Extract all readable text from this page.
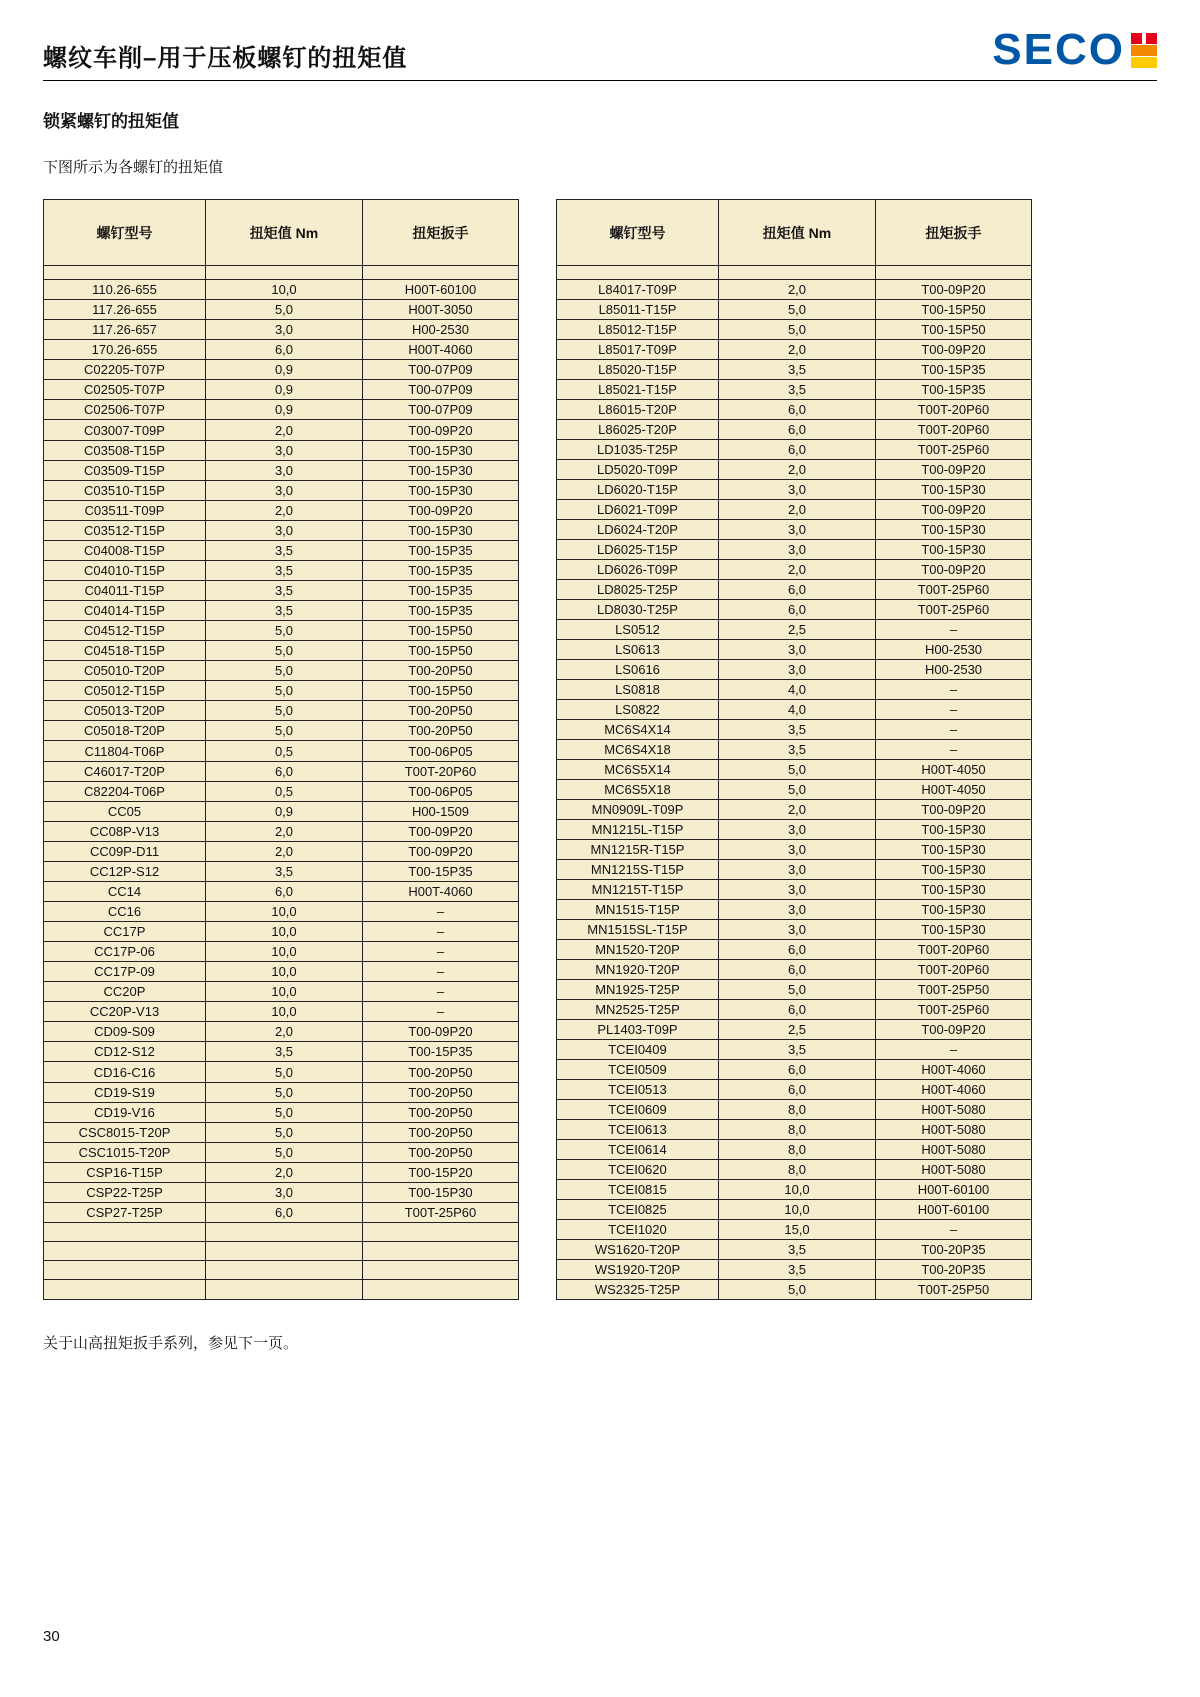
螺纹车削–用于压板螺钉的扭矩值	SECO
锁紧螺钉的扭矩值

下图所示为各螺钉的扭矩值

螺钉型号	扭矩值 Nm	扭矩扳手

110.26-655	10,0	H00T-60100
117.26-655	5,0	H00T-3050
117.26-657	3,0	H00-2530
170.26-655	6,0	H00T-4060
C02205-T07P	0,9	T00-07P09
C02505-T07P	0,9	T00-07P09
C02506-T07P	0,9	T00-07P09
C03007-T09P	2,0	T00-09P20
C03508-T15P	3,0	T00-15P30
C03509-T15P	3,0	T00-15P30
C03510-T15P	3,0	T00-15P30
C03511-T09P	2,0	T00-09P20
C03512-T15P	3,0	T00-15P30
C04008-T15P	3,5	T00-15P35
C04010-T15P	3,5	T00-15P35
C04011-T15P	3,5	T00-15P35
C04014-T15P	3,5	T00-15P35
C04512-T15P	5,0	T00-15P50
C04518-T15P	5,0	T00-15P50
C05010-T20P	5,0	T00-20P50
C05012-T15P	5,0	T00-15P50
C05013-T20P	5,0	T00-20P50
C05018-T20P	5,0	T00-20P50
C11804-T06P	0,5	T00-06P05
C46017-T20P	6,0	T00T-20P60
C82204-T06P	0,5	T00-06P05
CC05	0,9	H00-1509
CC08P-V13	2,0	T00-09P20
CC09P-D11	2,0	T00-09P20
CC12P-S12	3,5	T00-15P35
CC14	6,0	H00T-4060
CC16	10,0	–
CC17P	10,0	–
CC17P-06	10,0	–
CC17P-09	10,0	–
CC20P	10,0	–
CC20P-V13	10,0	–
CD09-S09	2,0	T00-09P20
CD12-S12	3,5	T00-15P35
CD16-C16	5,0	T00-20P50
CD19-S19	5,0	T00-20P50
CD19-V16	5,0	T00-20P50
CSC8015-T20P	5,0	T00-20P50
CSC1015-T20P	5,0	T00-20P50
CSP16-T15P	2,0	T00-15P20
CSP22-T25P	3,0	T00-15P30
CSP27-T25P	6,0	T00T-25P60

螺钉型号	扭矩值 Nm	扭矩扳手

L84017-T09P	2,0	T00-09P20
L85011-T15P	5,0	T00-15P50
L85012-T15P	5,0	T00-15P50
L85017-T09P	2,0	T00-09P20
L85020-T15P	3,5	T00-15P35
L85021-T15P	3,5	T00-15P35
L86015-T20P	6,0	T00T-20P60
L86025-T20P	6,0	T00T-20P60
LD1035-T25P	6,0	T00T-25P60
LD5020-T09P	2,0	T00-09P20
LD6020-T15P	3,0	T00-15P30
LD6021-T09P	2,0	T00-09P20
LD6024-T20P	3,0	T00-15P30
LD6025-T15P	3,0	T00-15P30
LD6026-T09P	2,0	T00-09P20
LD8025-T25P	6,0	T00T-25P60
LD8030-T25P	6,0	T00T-25P60
LS0512	2,5	–
LS0613	3,0	H00-2530
LS0616	3,0	H00-2530
LS0818	4,0	–
LS0822	4,0	–
MC6S4X14	3,5	–
MC6S4X18	3,5	–
MC6S5X14	5,0	H00T-4050
MC6S5X18	5,0	H00T-4050
MN0909L-T09P	2,0	T00-09P20
MN1215L-T15P	3,0	T00-15P30
MN1215R-T15P	3,0	T00-15P30
MN1215S-T15P	3,0	T00-15P30
MN1215T-T15P	3,0	T00-15P30
MN1515-T15P	3,0	T00-15P30
MN1515SL-T15P	3,0	T00-15P30
MN1520-T20P	6,0	T00T-20P60
MN1920-T20P	6,0	T00T-20P60
MN1925-T25P	5,0	T00T-25P50
MN2525-T25P	6,0	T00T-25P60
PL1403-T09P	2,5	T00-09P20
TCEI0409	3,5	–
TCEI0509	6,0	H00T-4060
TCEI0513	6,0	H00T-4060
TCEI0609	8,0	H00T-5080
TCEI0613	8,0	H00T-5080
TCEI0614	8,0	H00T-5080
TCEI0620	8,0	H00T-5080
TCEI0815	10,0	H00T-60100
TCEI0825	10,0	H00T-60100
TCEI1020	15,0	–
WS1620-T20P	3,5	T00-20P35
WS1920-T20P	3,5	T00-20P35
WS2325-T25P	5,0	T00T-25P50

关于山高扭矩扳手系列，参见下一页。

30
